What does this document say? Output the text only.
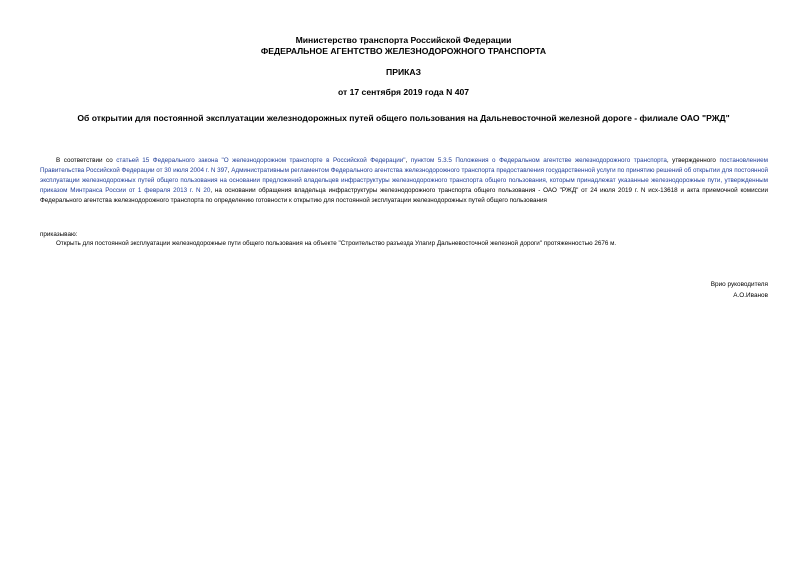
Министерство транспорта Российской Федерации
ФЕДЕРАЛЬНОЕ АГЕНТСТВО ЖЕЛЕЗНОДОРОЖНОГО ТРАНСПОРТА
ПРИКАЗ
от 17 сентября 2019 года N 407
Об открытии для постоянной эксплуатации железнодорожных путей общего пользования на Дальневосточной железной дороге - филиале ОАО "РЖД"
В соответствии со статьей 15 Федерального закона "О железнодорожном транспорте в Российской Федерации", пунктом 5.3.5 Положения о Федеральном агентстве железнодорожного транспорта, утвержденного постановлением Правительства Российской Федерации от 30 июля 2004 г. N 397, Административным регламентом Федерального агентства железнодорожного транспорта предоставления государственной услуги по принятию решений об открытии для постоянной эксплуатации железнодорожных путей общего пользования на основании предложений владельцев инфраструктуры железнодорожного транспорта общего пользования, которым принадлежат указанные железнодорожные пути, утвержденным приказом Минтранса России от 1 февраля 2013 г. N 20, на основании обращения владельца инфраструктуры железнодорожного транспорта общего пользования - ОАО "РЖД" от 24 июля 2019 г. N исх-13618 и акта приемочной комиссии Федерального агентства железнодорожного транспорта по определению готовности к открытию для постоянной эксплуатации железнодорожных путей общего пользования
приказываю:
Открыть для постоянной эксплуатации железнодорожные пути общего пользования на объекте "Строительство разъезда Улагир Дальневосточной железной дороги" протяженностью 2676 м.
Врио руководителя
А.О.Иванов
